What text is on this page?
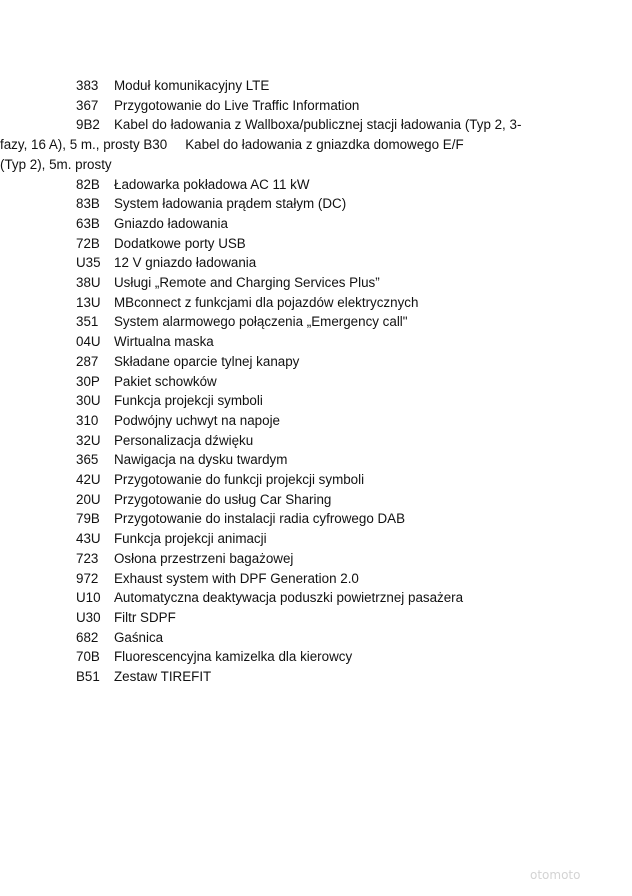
383 Moduł komunikacyjny LTE
367 Przygotowanie do Live Traffic Information
9B2 Kabel do ładowania z Wallboxa/publicznej stacji ładowania (Typ 2, 3-
fazy, 16 A), 5 m., prosty B30 Kabel do ładowania z gniazdka domowego E/F
(Typ 2), 5m. prosty
82B Ładowarka pokładowa AC 11 kW
83B System ładowania prądem stałym (DC)
63B Gniazdo ładowania
72B Dodatkowe porty USB
U35 12 V gniazdo ładowania
38U Usługi „Remote and Charging Services Plus”
13U MBconnect z funkcjami dla pojazdów elektrycznych
351 System alarmowego połączenia „Emergency call"
04U Wirtualna maska
287 Składane oparcie tylnej kanapy
30P Pakiet schowków
30U Funkcja projekcji symboli
310 Podwójny uchwyt na napoje
32U Personalizacja dźwięku
365 Nawigacja na dysku twardym
42U Przygotowanie do funkcji projekcji symboli
20U Przygotowanie do usług Car Sharing
79B Przygotowanie do instalacji radia cyfrowego DAB
43U Funkcja projekcji animacji
723 Osłona przestrzeni bagażowej
972 Exhaust system with DPF Generation 2.0
U10 Automatyczna deaktywacja poduszki powietrznej pasażera
U30 Filtr SDPF
682 Gaśnica
70B Fluorescencyjna kamizelka dla kierowcy
B51 Zestaw TIREFIT
otomoto
